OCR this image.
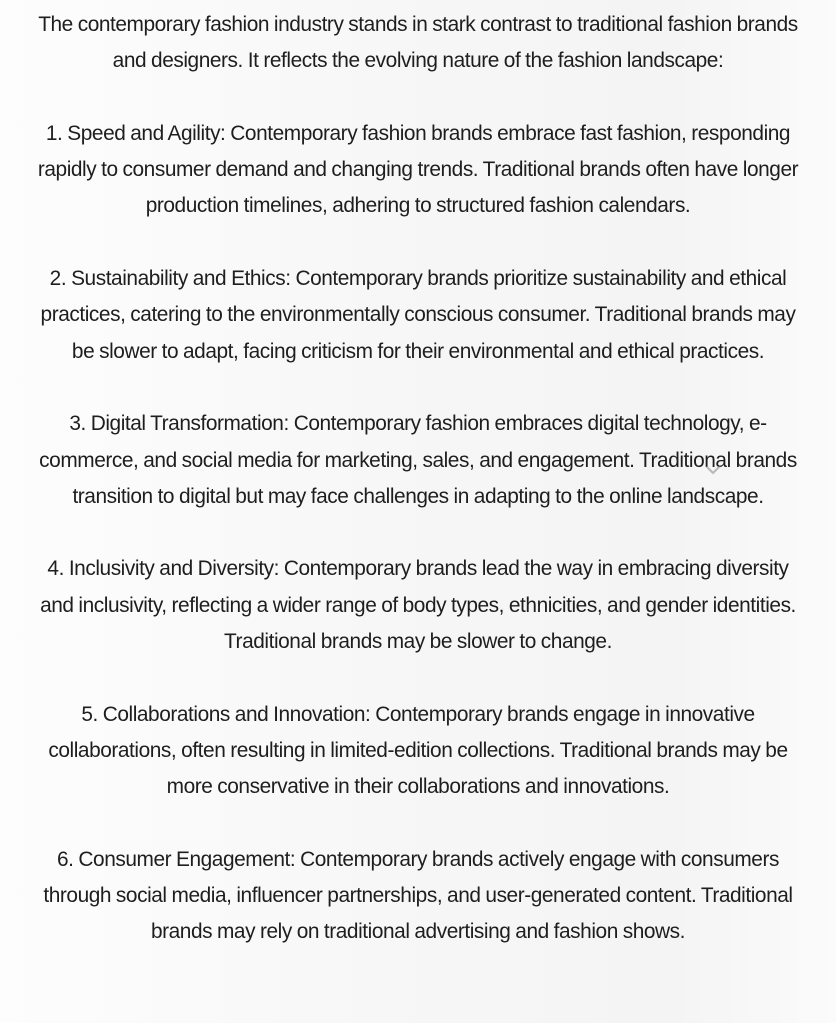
The contemporary fashion industry stands in stark contrast to traditional fashion brands and designers. It reflects the evolving nature of the fashion landscape:

1. Speed and Agility: Contemporary fashion brands embrace fast fashion, responding rapidly to consumer demand and changing trends. Traditional brands often have longer production timelines, adhering to structured fashion calendars.

2. Sustainability and Ethics: Contemporary brands prioritize sustainability and ethical practices, catering to the environmentally conscious consumer. Traditional brands may be slower to adapt, facing criticism for their environmental and ethical practices.

3. Digital Transformation: Contemporary fashion embraces digital technology, e-commerce, and social media for marketing, sales, and engagement. Traditional brands transition to digital but may face challenges in adapting to the online landscape.

4. Inclusivity and Diversity: Contemporary brands lead the way in embracing diversity and inclusivity, reflecting a wider range of body types, ethnicities, and gender identities. Traditional brands may be slower to change.

5. Collaborations and Innovation: Contemporary brands engage in innovative collaborations, often resulting in limited-edition collections. Traditional brands may be more conservative in their collaborations and innovations.

6. Consumer Engagement: Contemporary brands actively engage with consumers through social media, influencer partnerships, and user-generated content. Traditional brands may rely on traditional advertising and fashion shows.
